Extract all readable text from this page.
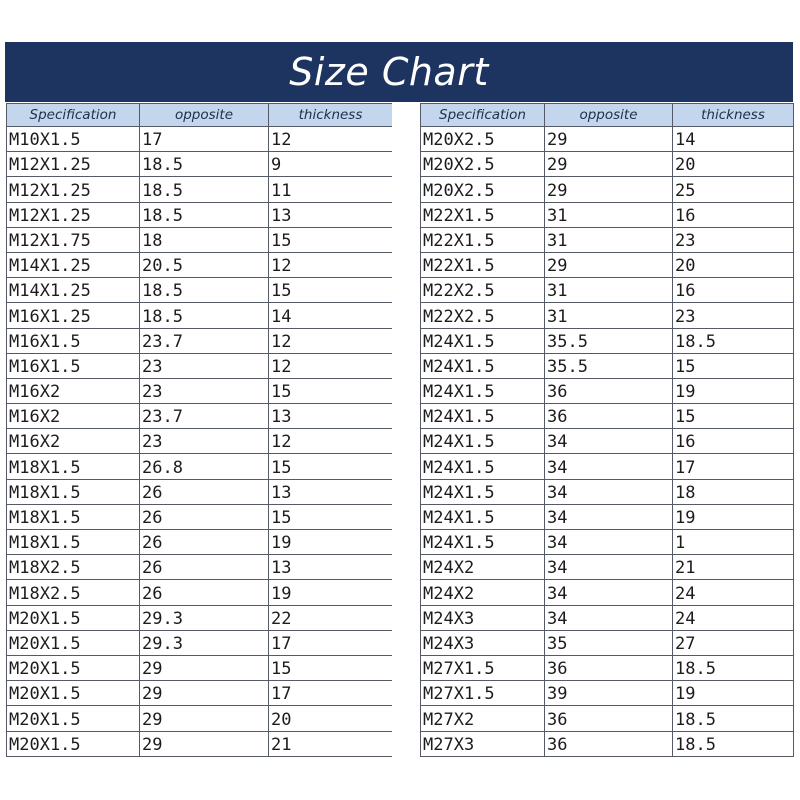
Size Chart
Specification	opposite	thickness
M10X1.5	17	12
M12X1.25	18.5	9
M12X1.25	18.5	11
M12X1.25	18.5	13
M12X1.75	18	15
M14X1.25	20.5	12
M14X1.25	18.5	15
M16X1.25	18.5	14
M16X1.5	23.7	12
M16X1.5	23	12
M16X2	23	15
M16X2	23.7	13
M16X2	23	12
M18X1.5	26.8	15
M18X1.5	26	13
M18X1.5	26	15
M18X1.5	26	19
M18X2.5	26	13
M18X2.5	26	19
M20X1.5	29.3	22
M20X1.5	29.3	17
M20X1.5	29	15
M20X1.5	29	17
M20X1.5	29	20
M20X1.5	29	21
Specification	opposite	thickness
M20X2.5	29	14
M20X2.5	29	20
M20X2.5	29	25
M22X1.5	31	16
M22X1.5	31	23
M22X1.5	29	20
M22X2.5	31	16
M22X2.5	31	23
M24X1.5	35.5	18.5
M24X1.5	35.5	15
M24X1.5	36	19
M24X1.5	36	15
M24X1.5	34	16
M24X1.5	34	17
M24X1.5	34	18
M24X1.5	34	19
M24X1.5	34	1
M24X2	34	21
M24X2	34	24
M24X3	34	24
M24X3	35	27
M27X1.5	36	18.5
M27X1.5	39	19
M27X2	36	18.5
M27X3	36	18.5
